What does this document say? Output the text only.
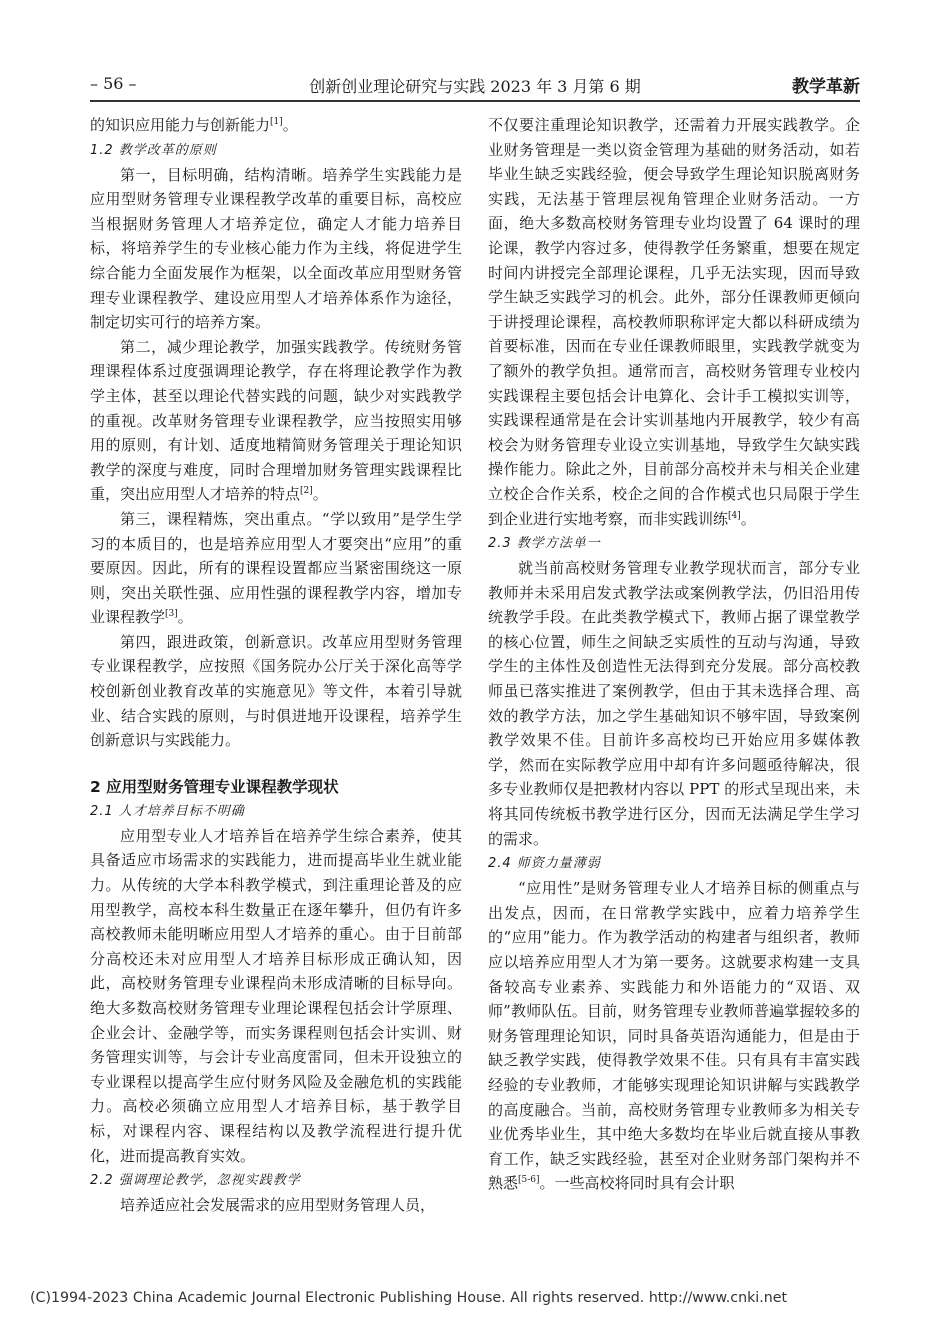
– 56 –	创新创业理论研究与实践 2023 年 3 月第 6 期	教学革新

的知识应用能力与创新能力[1]。

1.2 教学改革的原则

第一，目标明确，结构清晰。培养学生实践能力是应用型财务管理专业课程教学改革的重要目标，高校应当根据财务管理人才培养定位，确定人才能力培养目标，将培养学生的专业核心能力作为主线，将促进学生综合能力全面发展作为框架，以全面改革应用型财务管理专业课程教学、建设应用型人才培养体系作为途径，制定切实可行的培养方案。

第二，减少理论教学，加强实践教学。传统财务管理课程体系过度强调理论教学，存在将理论教学作为教学主体，甚至以理论代替实践的问题，缺少对实践教学的重视。改革财务管理专业课程教学，应当按照实用够用的原则，有计划、适度地精简财务管理关于理论知识教学的深度与难度，同时合理增加财务管理实践课程比重，突出应用型人才培养的特点[2]。

第三，课程精炼，突出重点。“学以致用”是学生学习的本质目的，也是培养应用型人才要突出“应用”的重要原因。因此，所有的课程设置都应当紧密围绕这一原则，突出关联性强、应用性强的课程教学内容，增加专业课程教学[3]。

第四，跟进政策，创新意识。改革应用型财务管理专业课程教学，应按照《国务院办公厅关于深化高等学校创新创业教育改革的实施意见》等文件，本着引导就业、结合实践的原则，与时俱进地开设课程，培养学生创新意识与实践能力。

2 应用型财务管理专业课程教学现状
2.1 人才培养目标不明确

应用型专业人才培养旨在培养学生综合素养，使其具备适应市场需求的实践能力，进而提高毕业生就业能力。从传统的大学本科教学模式，到注重理论普及的应用型教学，高校本科生数量正在逐年攀升，但仍有许多高校教师未能明晰应用型人才培养的重心。由于目前部分高校还未对应用型人才培养目标形成正确认知，因此，高校财务管理专业课程尚未形成清晰的目标导向。绝大多数高校财务管理专业理论课程包括会计学原理、企业会计、金融学等，而实务课程则包括会计实训、财务管理实训等，与会计专业高度雷同，但未开设独立的专业课程以提高学生应付财务风险及金融危机的实践能力。高校必须确立应用型人才培养目标，基于教学目标，对课程内容、课程结构以及教学流程进行提升优化，进而提高教育实效。

2.2 强调理论教学，忽视实践教学

培养适应社会发展需求的应用型财务管理人员，

不仅要注重理论知识教学，还需着力开展实践教学。企业财务管理是一类以资金管理为基础的财务活动，如若毕业生缺乏实践经验，便会导致学生理论知识脱离财务实践，无法基于管理层视角管理企业财务活动。一方面，绝大多数高校财务管理专业均设置了 64 课时的理论课，教学内容过多，使得教学任务繁重，想要在规定时间内讲授完全部理论课程，几乎无法实现，因而导致学生缺乏实践学习的机会。此外，部分任课教师更倾向于讲授理论课程，高校教师职称评定大都以科研成绩为首要标准，因而在专业任课教师眼里，实践教学就变为了额外的教学负担。通常而言，高校财务管理专业校内实践课程主要包括会计电算化、会计手工模拟实训等，实践课程通常是在会计实训基地内开展教学，较少有高校会为财务管理专业设立实训基地，导致学生欠缺实践操作能力。除此之外，目前部分高校并未与相关企业建立校企合作关系，校企之间的合作模式也只局限于学生到企业进行实地考察，而非实践训练[4]。

2.3 教学方法单一

就当前高校财务管理专业教学现状而言，部分专业教师并未采用启发式教学法或案例教学法，仍旧沿用传统教学手段。在此类教学模式下，教师占据了课堂教学的核心位置，师生之间缺乏实质性的互动与沟通，导致学生的主体性及创造性无法得到充分发展。部分高校教师虽已落实推进了案例教学，但由于其未选择合理、高效的教学方法，加之学生基础知识不够牢固，导致案例教学效果不佳。目前许多高校均已开始应用多媒体教学，然而在实际教学应用中却有许多问题亟待解决，很多专业教师仅是把教材内容以 PPT 的形式呈现出来，未将其同传统板书教学进行区分，因而无法满足学生学习的需求。

2.4 师资力量薄弱

“应用性”是财务管理专业人才培养目标的侧重点与出发点，因而，在日常教学实践中，应着力培养学生的“应用”能力。作为教学活动的构建者与组织者，教师应以培养应用型人才为第一要务。这就要求构建一支具备较高专业素养、实践能力和外语能力的“双语、双师”教师队伍。目前，财务管理专业教师普遍掌握较多的财务管理理论知识，同时具备英语沟通能力，但是由于缺乏教学实践，使得教学效果不佳。只有具有丰富实践经验的专业教师，才能够实现理论知识讲解与实践教学的高度融合。当前，高校财务管理专业教师多为相关专业优秀毕业生，其中绝大多数均在毕业后就直接从事教育工作，缺乏实践经验，甚至对企业财务部门架构并不熟悉[5-6]。一些高校将同时具有会计职

(C)1994-2023 China Academic Journal Electronic Publishing House. All rights reserved. http://www.cnki.net
